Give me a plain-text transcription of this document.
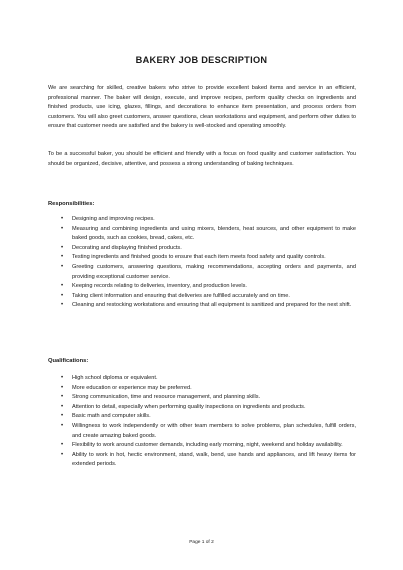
BAKERY JOB DESCRIPTION
We are searching for skilled, creative bakers who strive to provide excellent baked items and service in an efficient, professional manner. The baker will design, execute, and improve recipes, perform quality checks on ingredients and finished products, use icing, glazes, fillings, and decorations to enhance item presentation, and process orders from customers. You will also greet customers, answer questions, clean workstations and equipment, and perform other duties to ensure that customer needs are satisfied and the bakery is well-stocked and operating smoothly.
To be a successful baker, you should be efficient and friendly with a focus on food quality and customer satisfaction. You should be organized, decisive, attentive, and possess a strong understanding of baking techniques.
Responsibilities:
• Designing and improving recipes.
• Measuring and combining ingredients and using mixers, blenders, heat sources, and other equipment to make baked goods, such as cookies, bread, cakes, etc.
• Decorating and displaying finished products.
• Testing ingredients and finished goods to ensure that each item meets food safety and quality controls.
• Greeting customers, answering questions, making recommendations, accepting orders and payments, and providing exceptional customer service.
• Keeping records relating to deliveries, inventory, and production levels.
• Taking client information and ensuring that deliveries are fulfilled accurately and on time.
• Cleaning and restocking workstations and ensuring that all equipment is sanitized and prepared for the next shift.
Qualifications:
• High school diploma or equivalent.
• More education or experience may be preferred.
• Strong communication, time and resource management, and planning skills.
• Attention to detail, especially when performing quality inspections on ingredients and products.
• Basic math and computer skills.
• Willingness to work independently or with other team members to solve problems, plan schedules, fulfill orders, and create amazing baked goods.
• Flexibility to work around customer demands, including early morning, night, weekend and holiday availability.
• Ability to work in hot, hectic environment, stand, walk, bend, use hands and appliances, and lift heavy items for extended periods.
Page 1 of 2
